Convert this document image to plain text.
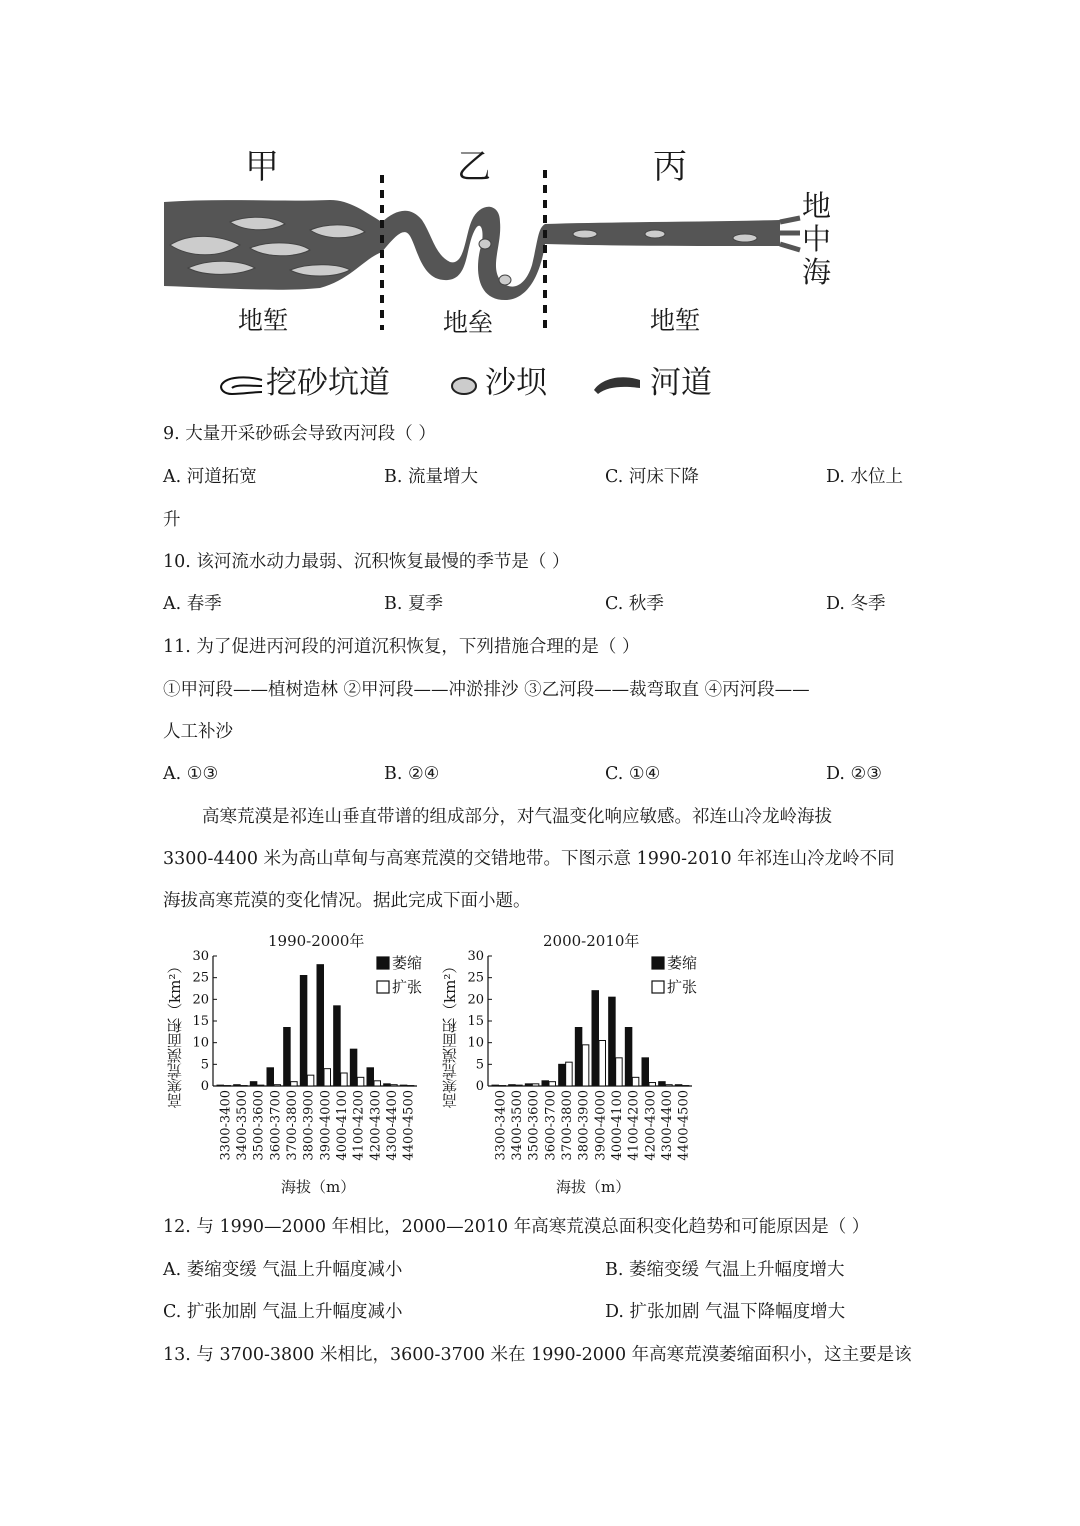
甲	乙	丙
地中海
地堑	地垒	地堑
挖砂坑道	沙坝	河道
9. 大量开采砂砾会导致丙河段（ ）
A. 河道拓宽	B. 流量增大	C. 河床下降	D. 水位上
升
10. 该河流水动力最弱、沉积恢复最慢的季节是（ ）
A. 春季	B. 夏季	C. 秋季	D. 冬季
11. 为了促进丙河段的河道沉积恢复，下列措施合理的是（ ）
①甲河段——植树造林 ②甲河段——冲淤排沙 ③乙河段——裁弯取直 ④丙河段——
人工补沙
A. ①③	B. ②④	C. ①④	D. ②③
高寒荒漠是祁连山垂直带谱的组成部分，对气温变化响应敏感。祁连山冷龙岭海拔
3300-4400 米为高山草甸与高寒荒漠的交错地带。下图示意 1990-2010 年祁连山冷龙岭不同
海拔高寒荒漠的变化情况。据此完成下面小题。
高寒荒漠面积（km²） 0
5
10
15
20
25
30
3300-3400 3400-3500 3500-3600 3600-3700 3700-3800 3800-3900 3900-4000 4000-4100 4100-4200 4200-4300 4300-4400 4400-4500
萎缩
扩张
1990-2000年
海拔（m）
高寒荒漠面积（km²） 0
5
10
15
20
25
30
3300-3400 3400-3500 3500-3600 3600-3700 3700-3800 3800-3900 3900-4000 4000-4100 4100-4200 4200-4300 4300-4400 4400-4500
萎缩
扩张
2000-2010年
海拔（m）
12. 与 1990—2000 年相比，2000—2010 年高寒荒漠总面积变化趋势和可能原因是（ ）
A. 萎缩变缓 气温上升幅度减小	B. 萎缩变缓 气温上升幅度增大
C. 扩张加剧 气温上升幅度减小	D. 扩张加剧 气温下降幅度增大
13. 与 3700-3800 米相比，3600-3700 米在 1990-2000 年高寒荒漠萎缩面积小，这主要是该
